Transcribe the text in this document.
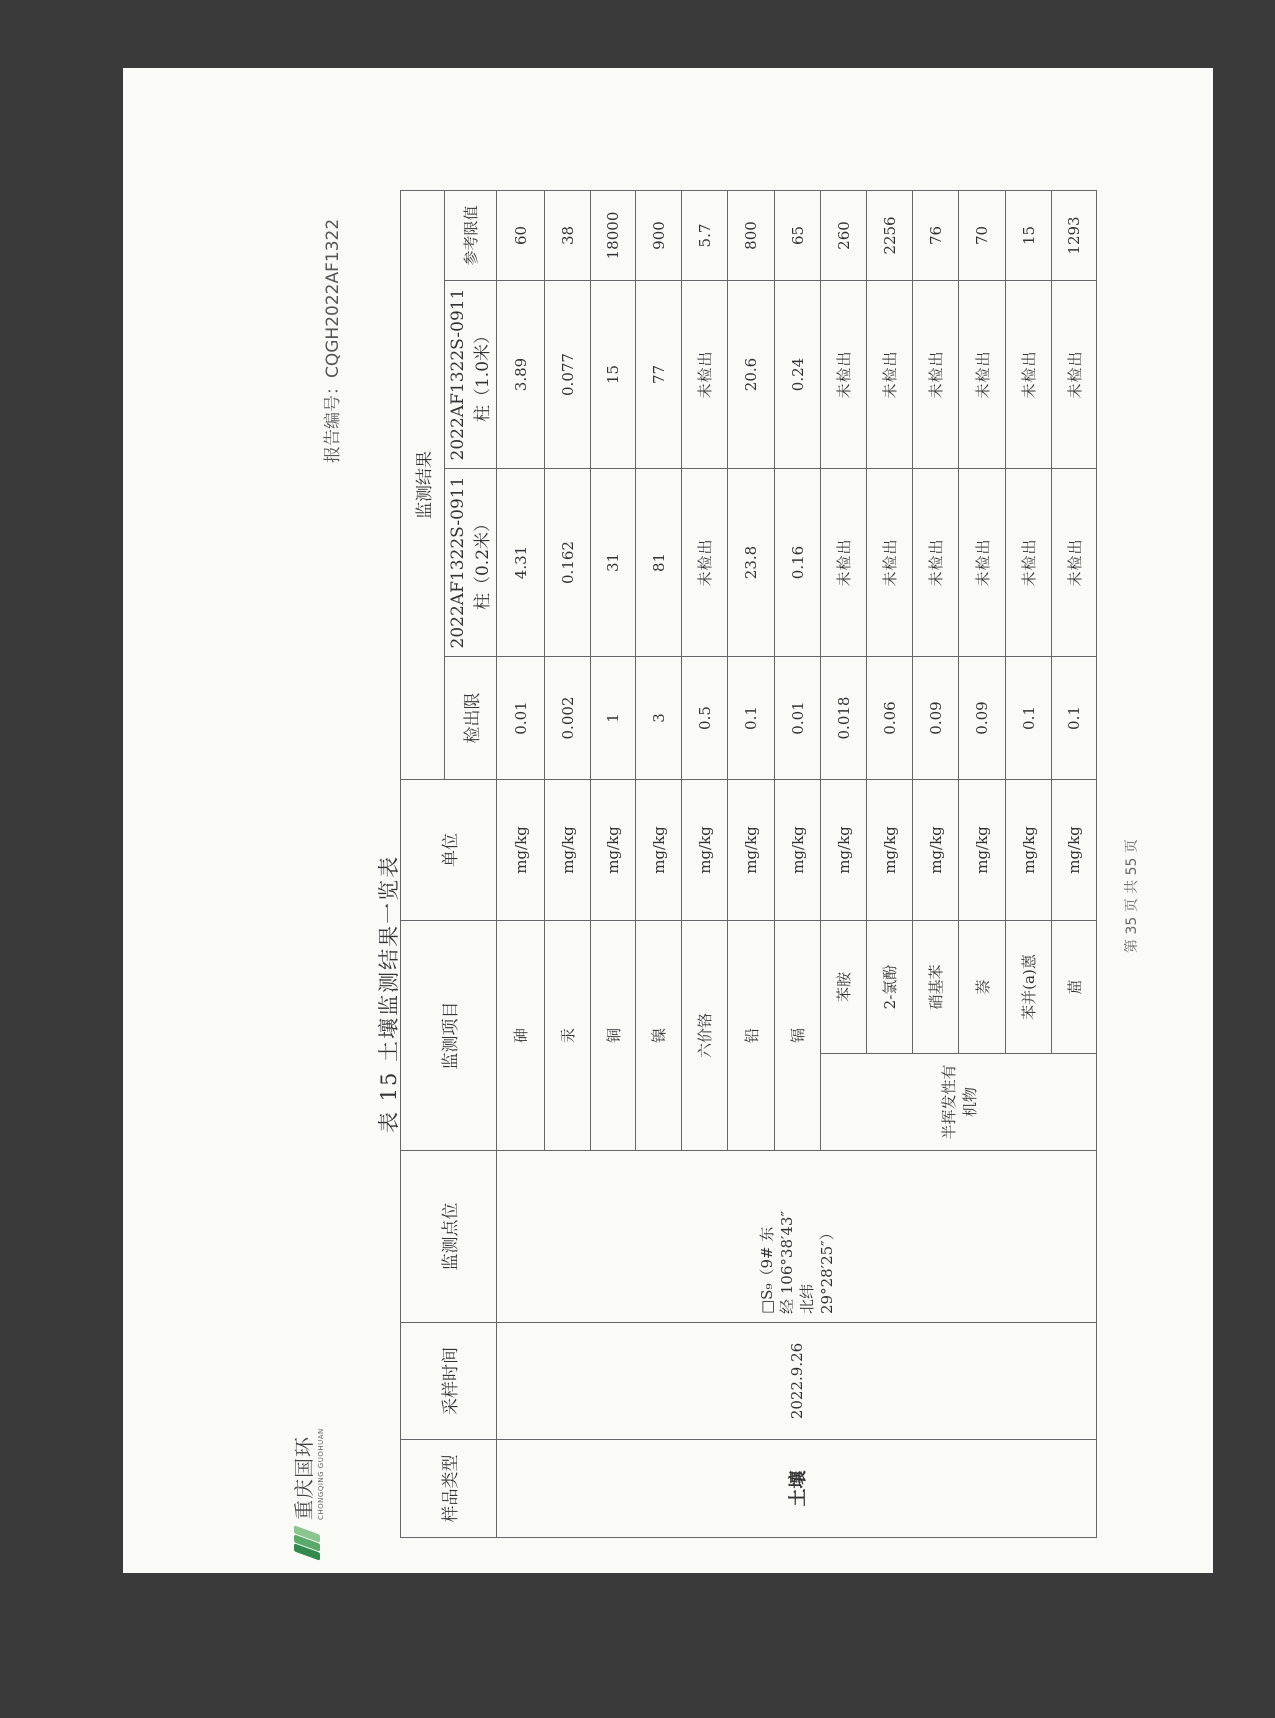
重庆国环 CHONGQING GUOHUAN
报告编号：CQGH2022AF1322
表 15 土壤监测结果一览表
样品类型	采样时间	监测点位	监测项目		单位	监测结果			
						检出限	2022AF1322S-0911柱（0.2米）	2022AF1322S-0911柱（1.0米）	参考限值
土壤	2022.9.26	□S₉（9# 东 经 106°38′43″ 北纬 29°28′25″）	砷		mg/kg	0.01	4.31	3.89	60
			汞		mg/kg	0.002	0.162	0.077	38
			铜		mg/kg	1	31	15	18000
			镍		mg/kg	3	81	77	900
			六价铬		mg/kg	0.5	未检出	未检出	5.7
			铅		mg/kg	0.1	23.8	20.6	800
			镉		mg/kg	0.01	0.16	0.24	65
			半挥发性有机物	苯胺	mg/kg	0.018	未检出	未检出	260
				2-氯酚	mg/kg	0.06	未检出	未检出	2256
				硝基苯	mg/kg	0.09	未检出	未检出	76
				萘	mg/kg	0.09	未检出	未检出	70
				苯并(a)蒽	mg/kg	0.1	未检出	未检出	15
				䓛	mg/kg	0.1	未检出	未检出	1293
第 35 页 共 55 页
